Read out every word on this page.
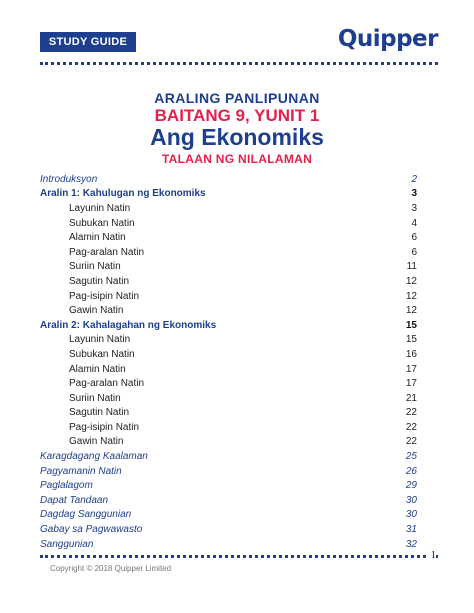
STUDY GUIDE	Quipper
ARALING PANLIPUNAN
BAITANG 9, YUNIT 1
Ang Ekonomiks
TALAAN NG NILALAMAN
Introduksyon	2
Aralin 1: Kahulugan ng Ekonomiks	3
Layunin Natin	3
Subukan Natin	4
Alamin Natin	6
Pag-aralan Natin	6
Suriin Natin	11
Sagutin Natin	12
Pag-isipin Natin	12
Gawin Natin	12
Aralin 2: Kahalagahan ng Ekonomiks	15
Layunin Natin	15
Subukan Natin	16
Alamin Natin	17
Pag-aralan Natin	17
Suriin Natin	21
Sagutin Natin	22
Pag-isipin Natin	22
Gawin Natin	22
Karagdagang Kaalaman	25
Pagyamanin Natin	26
Paglalagom	29
Dapat Tandaan	30
Dagdag Sanggunian	30
Gabay sa Pagwawasto	31
Sanggunian	32
1
Copyright © 2018 Quipper Limited
